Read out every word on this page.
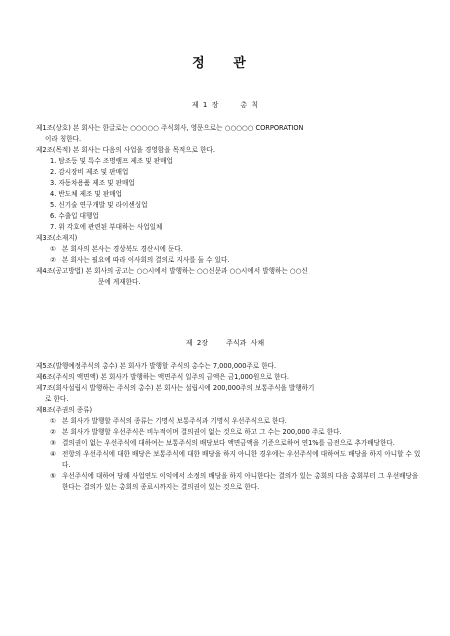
정 관
제 1 장	총 칙

제1조(상호) 본 회사는 한글로는 ○○○○○ 주식회사, 영문으로는 ○○○○○ CORPORATION

이라 칭한다.

제2조(목적) 본 회사는 다음의 사업을 경영함을 목적으로 한다.

1. 탐조등 및 특수 조명램프 제조 및 판매업

2. 감시장비 제조 및 판매업

3. 자동차용품 제조 및 판매업

4. 반도체 제조 및 판매업

5. 신기술 연구개발 및 라이센싱업

6. 수출입 대행업

7. 위 각호에 관련된 부대하는 사업일체

제3조(소재지)

① 본 회사의 본사는 경상북도 경산시에 둔다.
② 본 회사는 필요에 따라 이사회의 결의로 지사를 둘 수 있다.

제4조(공고방법) 본 회사의 공고는 ○○시에서 발행하는 ○○신문과 ○○시에서 발행하는 ○○신

문에 게재한다.

제 2장	주식과 사채

제5조(발행예정주식의 총수) 본 회사가 발행할 주식의 총수는 7,000,000주로 한다.

제6조(주식의 액면액) 본 회사가 발행하는 액면주식 일주의 금액은 금1,000원으로 한다.

제7조(회사설립시 발행하는 주식의 총수) 본 회사는 설립시에 200,000주의 보통주식을 발행하기

로 한다.

제8조(주권의 종류)

① 본 회사가 발행할 주식의 종류는 기명식 보통주식과 기명식 우선주식으로 한다.
② 본 회사가 발행할 우선주식은 비누적이며 결의권이 없는 것으로 하고 그 수는 200,000 주로 한다.
③ 결의권이 없는 우선주식에 대하여는 보통주식의 배당보다 액면금액을 기준으로하여 연1%를 금전으로 추가배당한다.
④ 전항의 우선주식에 대한 배당은 보통주식에 대한 배당을 하지 아니한 경우에는 우선주식에 대하여도 배당을 하지 아니할 수 있다.
⑤ 우선주식에 대하여 당해 사업연도 이익에서 소정의 배당을 하지 아니한다는 결의가 있는 총회의 다음 총회부터 그 우선배당을 한다는 결의가 있는 총회의 종료시까지는 결의권이 있는 것으로 한다.
